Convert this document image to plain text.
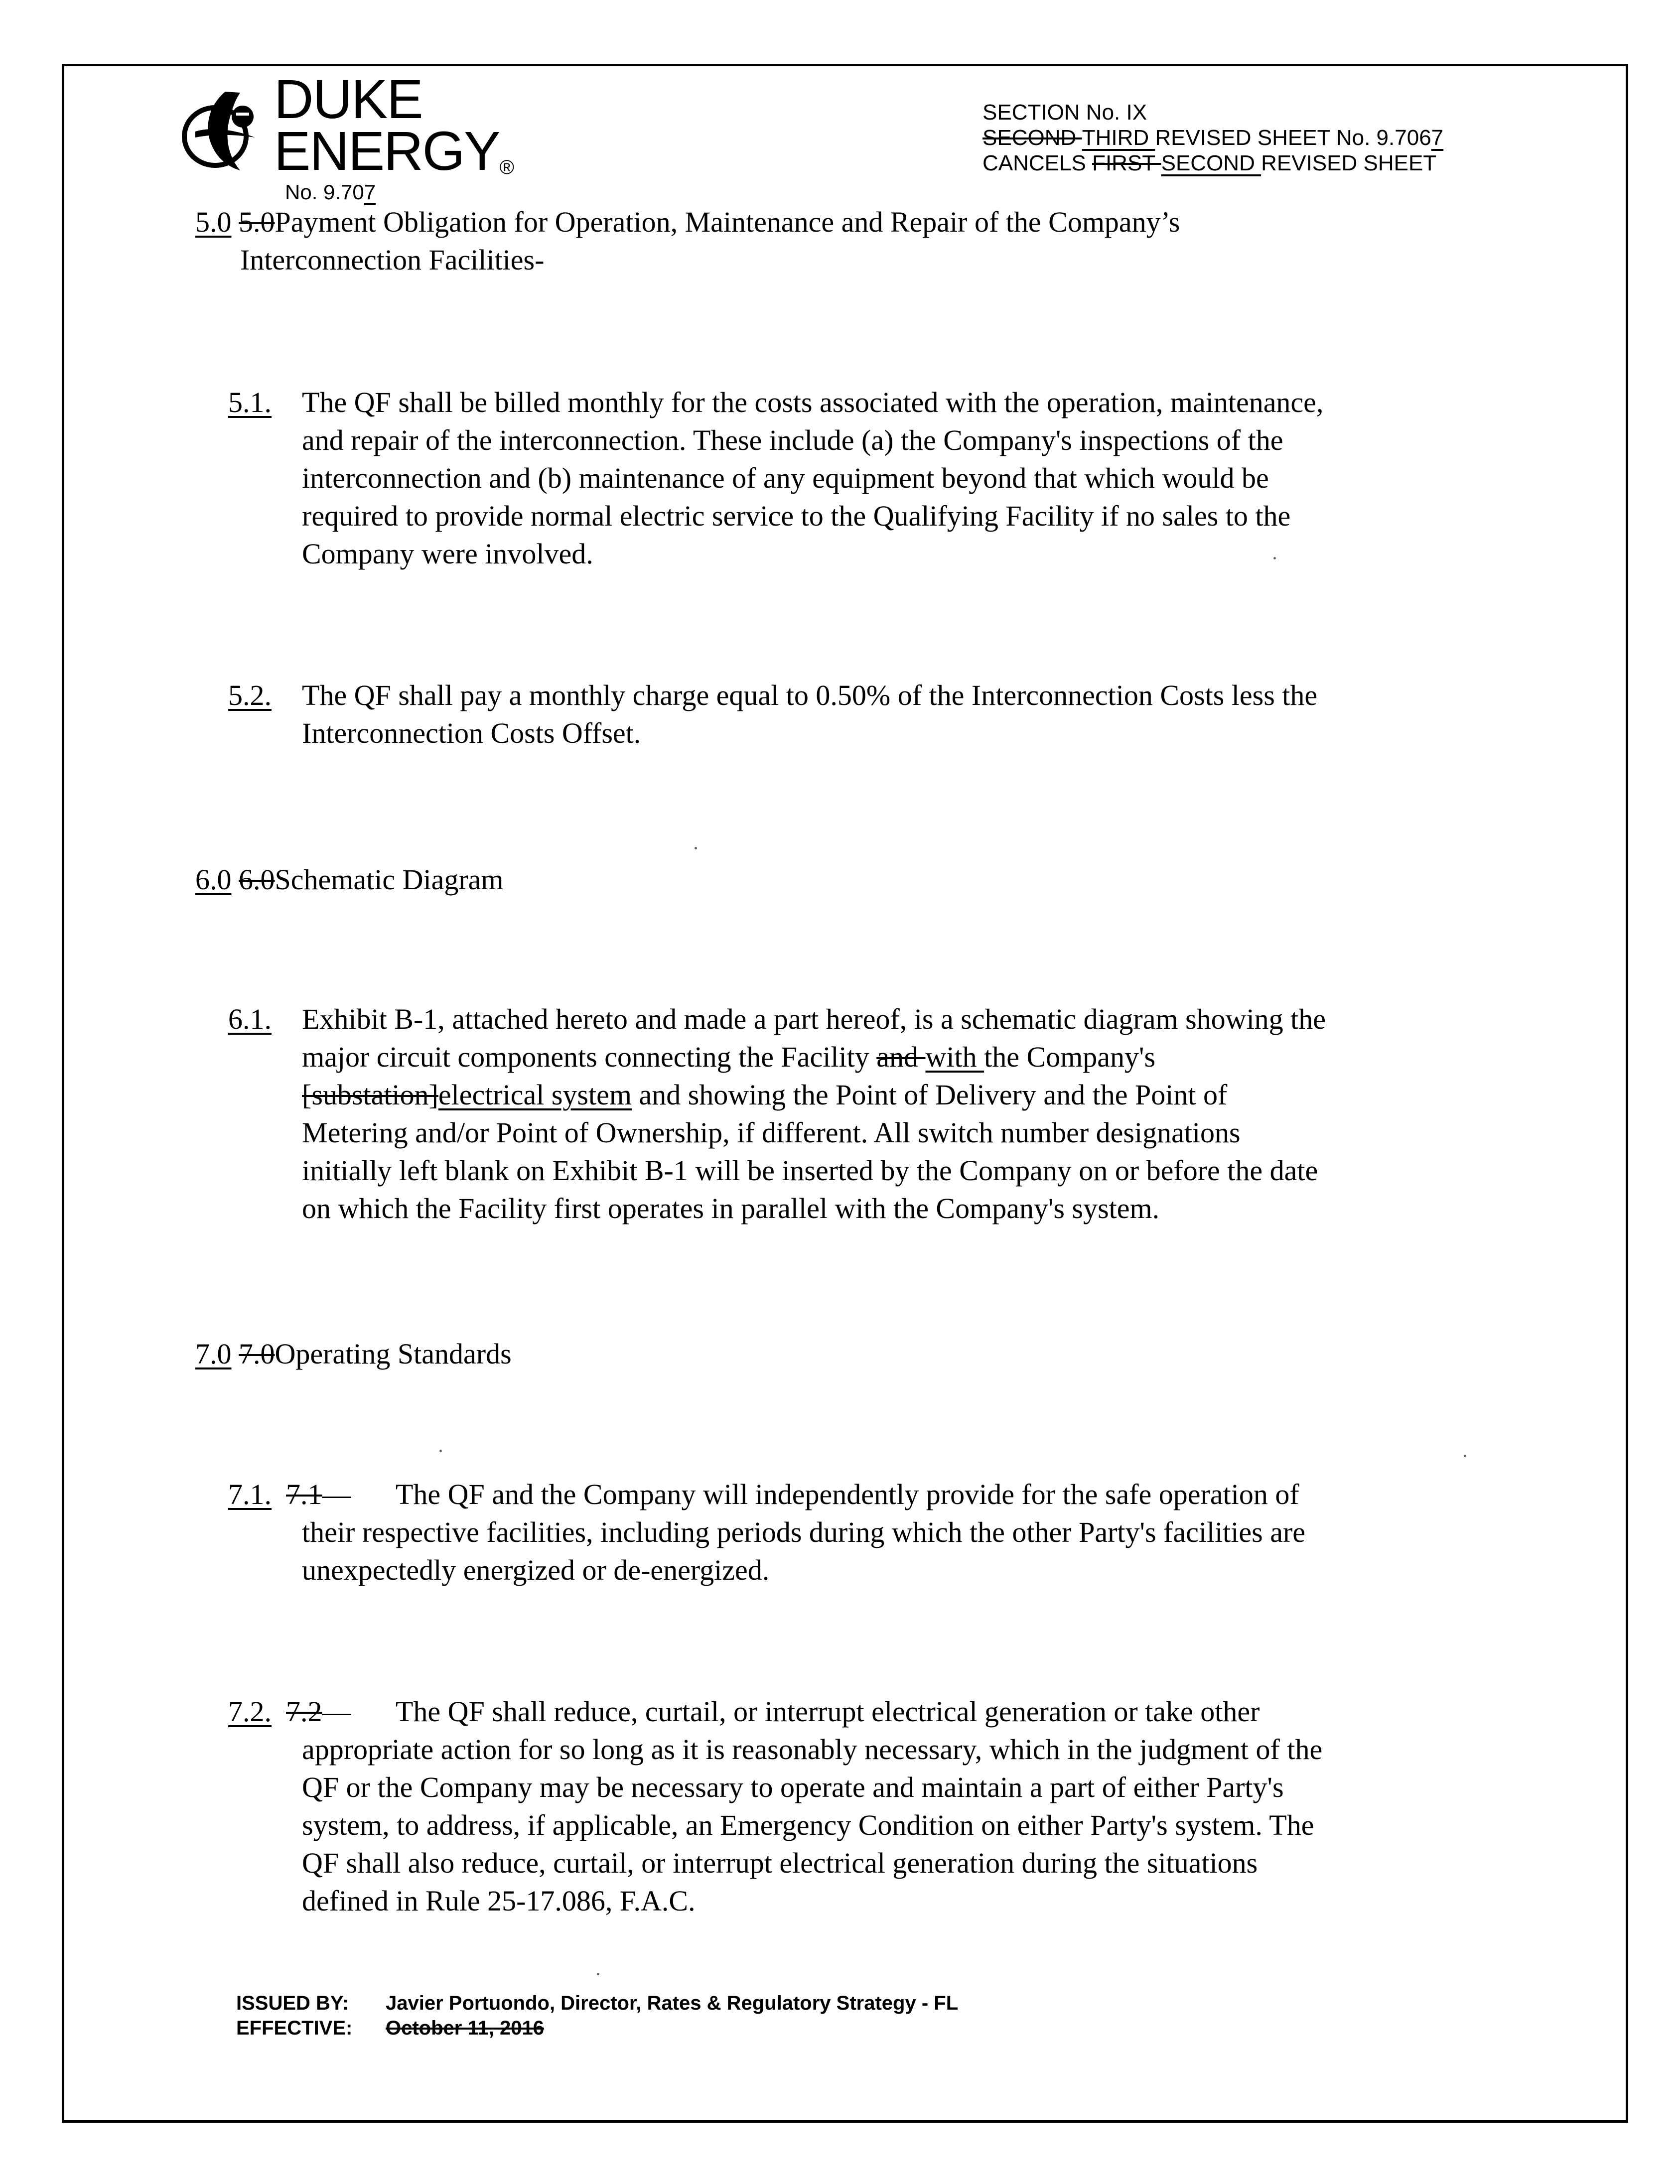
DUKE
ENERGY®
No. 9.707
SECTION No. IX
SECOND THIRD REVISED SHEET No. 9.7067
CANCELS FIRST SECOND REVISED SHEET
5.0 5.0Payment Obligation for Operation, Maintenance and Repair of the Company’s
Interconnection Facilities-
5.1. The QF shall be billed monthly for the costs associated with the operation, maintenance,
and repair of the interconnection. These include (a) the Company's inspections of the
interconnection and (b) maintenance of any equipment beyond that which would be
required to provide normal electric service to the Qualifying Facility if no sales to the
Company were involved.
5.2. The QF shall pay a monthly charge equal to 0.50% of the Interconnection Costs less the
Interconnection Costs Offset.
6.0 6.0Schematic Diagram
6.1. Exhibit B-1, attached hereto and made a part hereof, is a schematic diagram showing the
major circuit components connecting the Facility and with the Company's
[substation]electrical system and showing the Point of Delivery and the Point of
Metering and/or Point of Ownership, if different. All switch number designations
initially left blank on Exhibit B-1 will be inserted by the Company on or before the date
on which the Facility first operates in parallel with the Company's system.
7.0 7.0Operating Standards
7.1. 7.1—	The QF and the Company will independently provide for the safe operation of
their respective facilities, including periods during which the other Party's facilities are
unexpectedly energized or de-energized.
7.2. 7.2—	The QF shall reduce, curtail, or interrupt electrical generation or take other
appropriate action for so long as it is reasonably necessary, which in the judgment of the
QF or the Company may be necessary to operate and maintain a part of either Party's
system, to address, if applicable, an Emergency Condition on either Party's system. The
QF shall also reduce, curtail, or interrupt electrical generation during the situations
defined in Rule 25-17.086, F.A.C.
ISSUED BY: Javier Portuondo, Director, Rates & Regulatory Strategy - FL
EFFECTIVE: October 11, 2016
